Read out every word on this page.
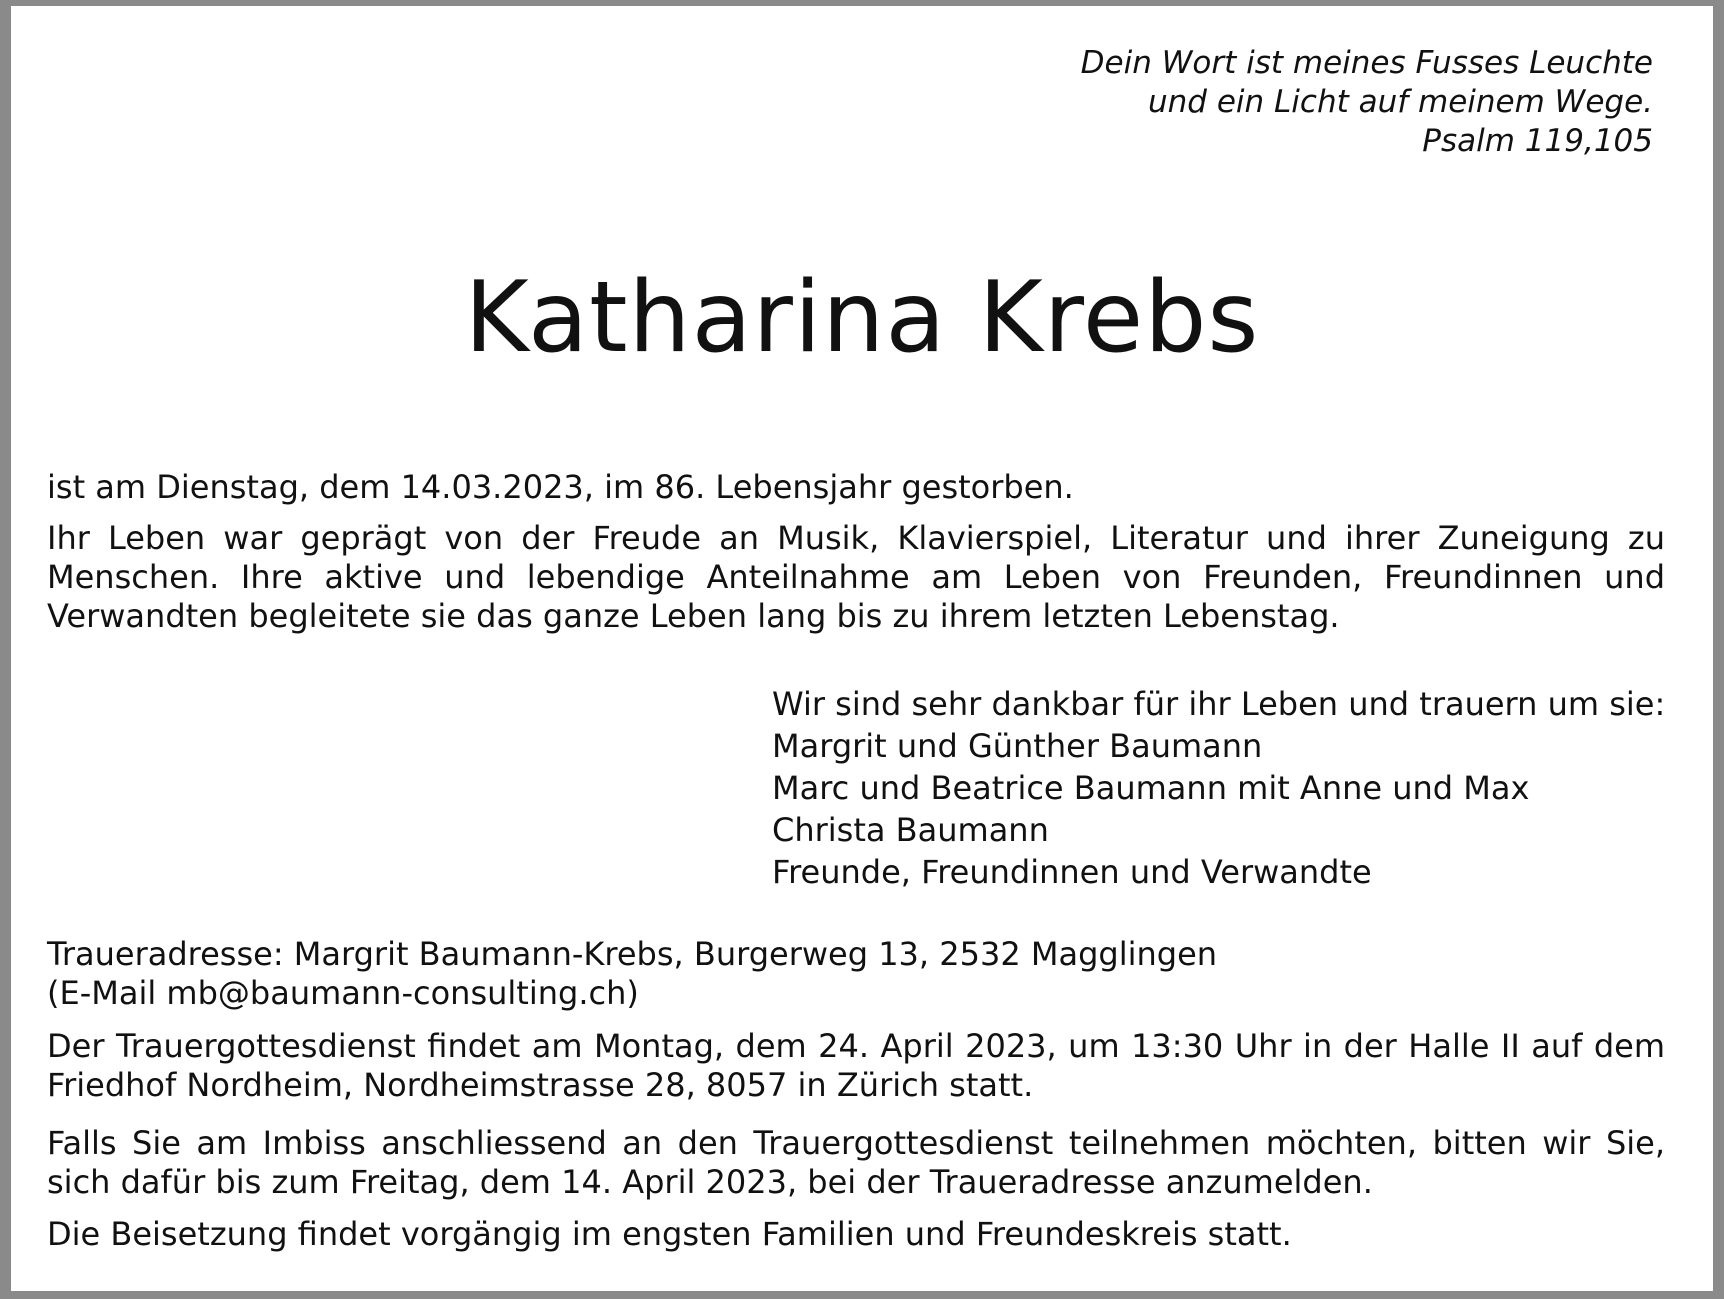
Dein Wort ist meines Fusses Leuchte
und ein Licht auf meinem Wege.
Psalm 119,105
Katharina Krebs

ist am Dienstag, dem 14.03.2023, im 86. Lebensjahr gestorben.

Ihr Leben war geprägt von der Freude an Musik, Klavierspiel, Literatur und ihrer Zuneigung zu Menschen. Ihre aktive und lebendige Anteilnahme am Leben von Freunden, Freundinnen und Verwandten begleitete sie das ganze Leben lang bis zu ihrem letzten Lebenstag.

Wir sind sehr dankbar für ihr Leben und trauern um sie:
Margrit und Günther Baumann
Marc und Beatrice Baumann mit Anne und Max
Christa Baumann
Freunde, Freundinnen und Verwandte
Traueradresse: Margrit Baumann-Krebs, Burgerweg 13, 2532 Magglingen
(E-Mail mb@baumann-consulting.ch)

Der Trauergottesdienst findet am Montag, dem 24. April 2023, um 13:30 Uhr in der Halle II auf dem Friedhof Nordheim, Nordheimstrasse 28, 8057 in Zürich statt.

Falls Sie am Imbiss anschliessend an den Trauergottesdienst teilnehmen möchten, bitten wir Sie, sich dafür bis zum Freitag, dem 14. April 2023, bei der Traueradresse anzumelden.

Die Beisetzung findet vorgängig im engsten Familien und Freundeskreis statt.
